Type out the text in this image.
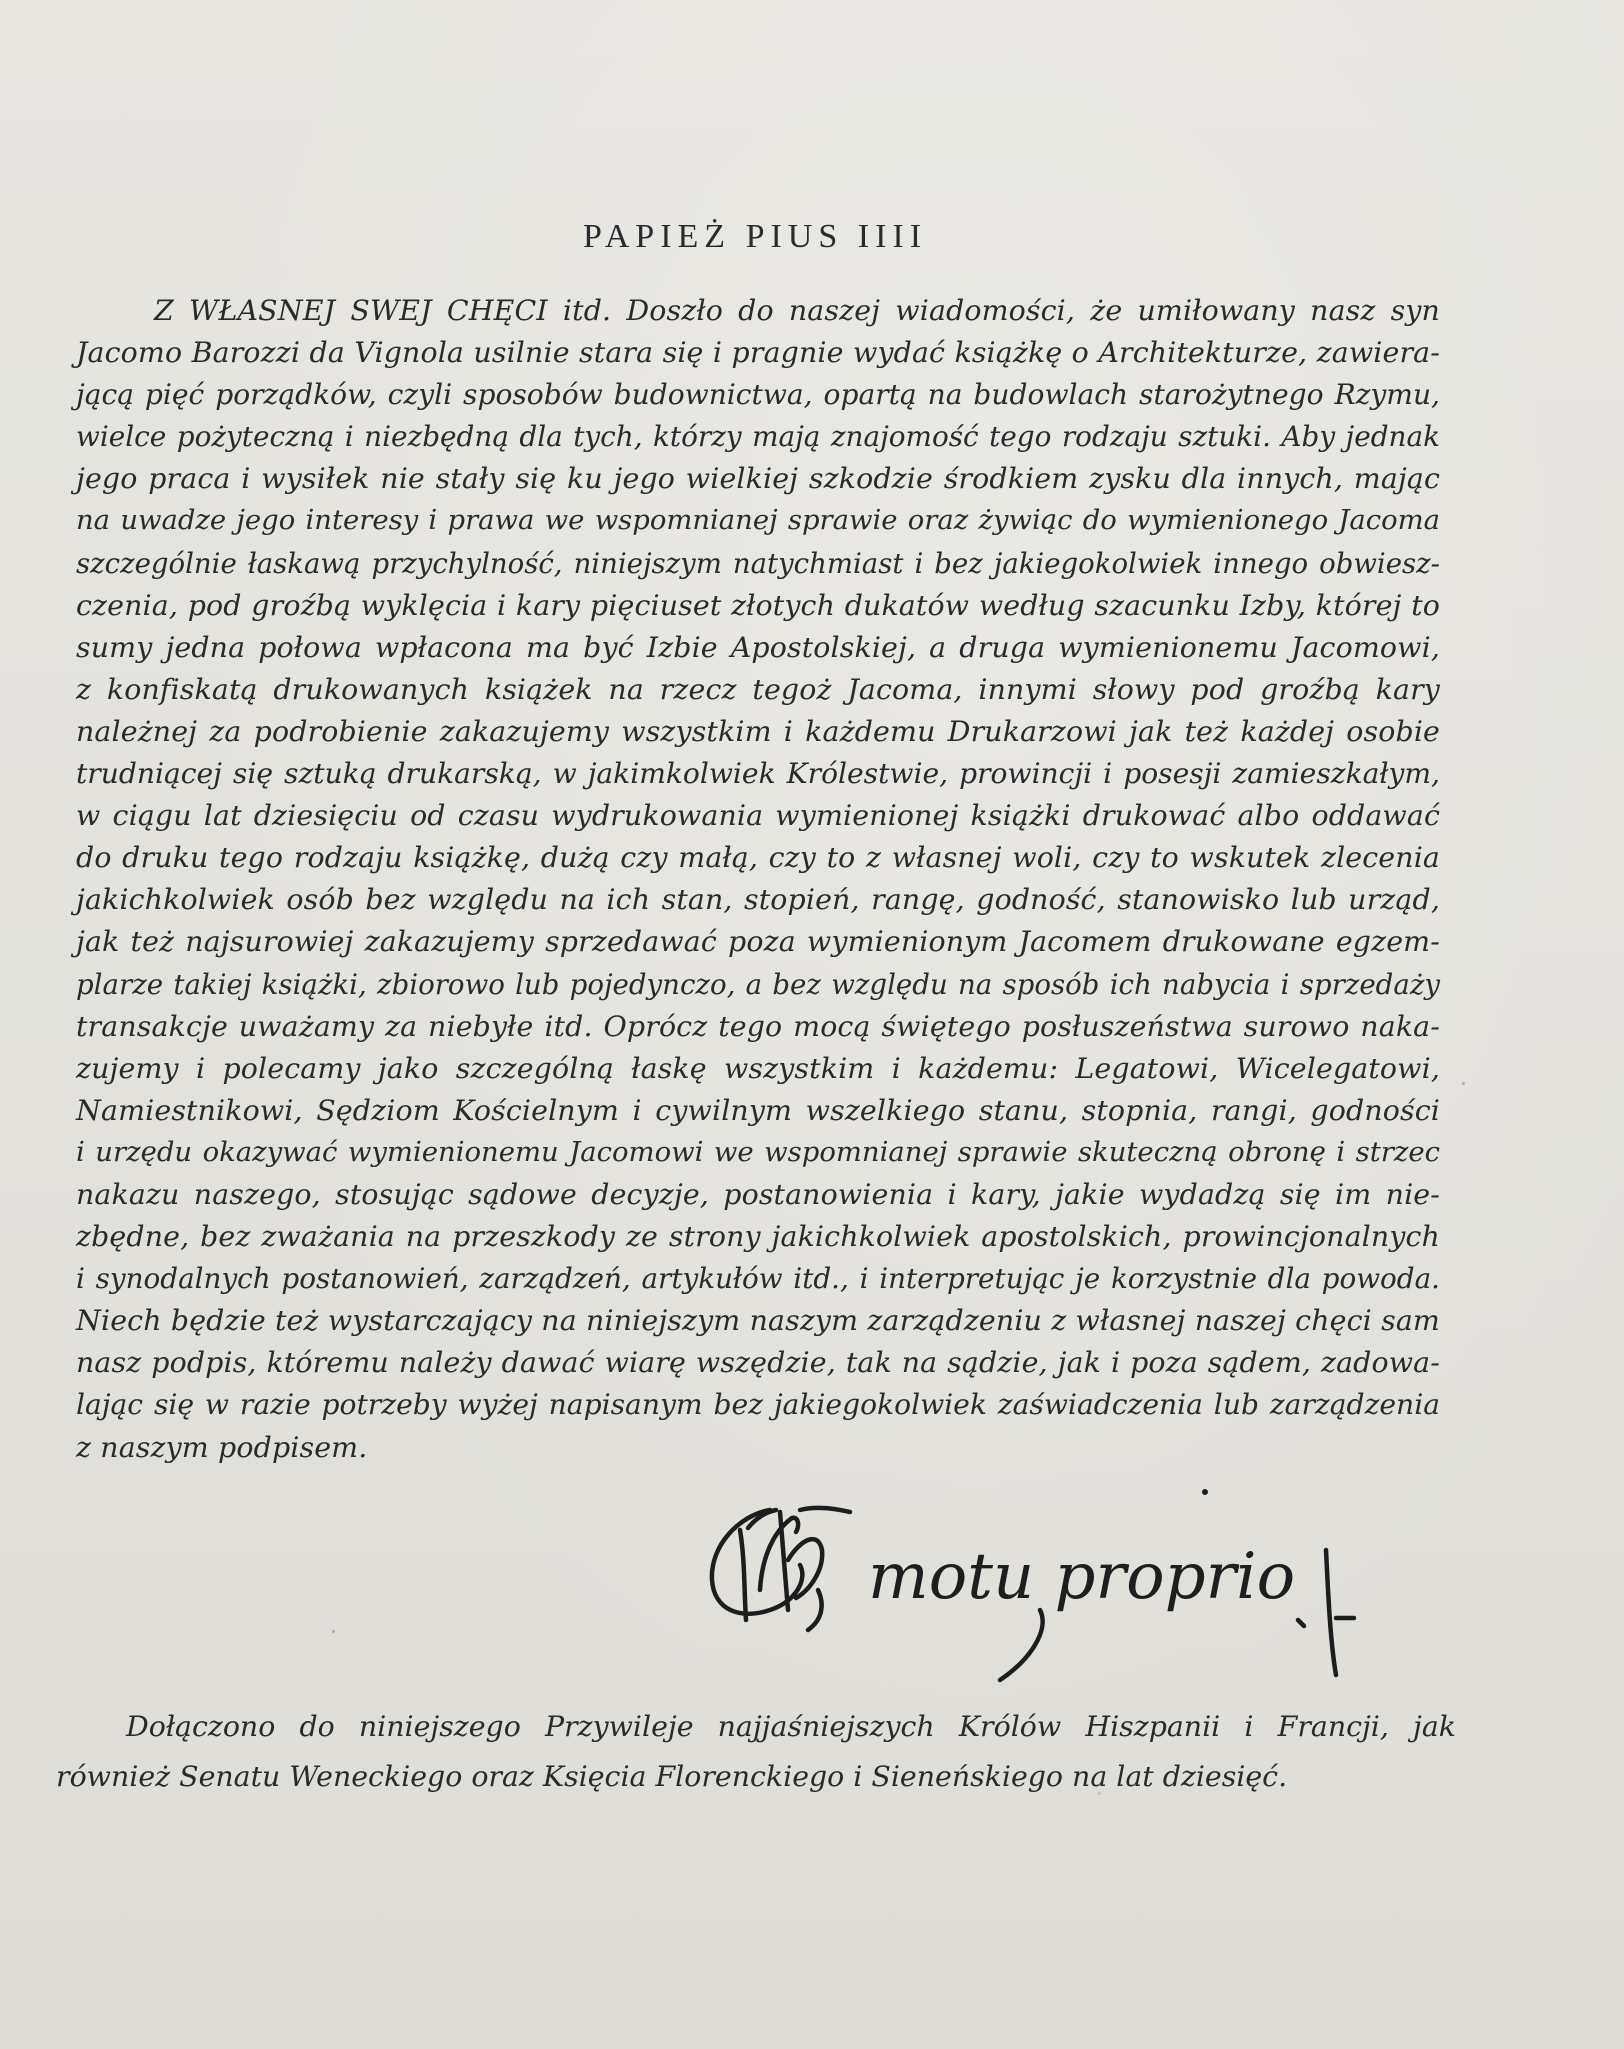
PAPIEŻ PIUS IIII
Z WŁASNEJ SWEJ CHĘCI itd. Doszło do naszej wiadomości, że umiłowany nasz syn
Jacomo Barozzi da Vignola usilnie stara się i pragnie wydać książkę o Architekturze, zawiera-
jącą pięć porządków, czyli sposobów budownictwa, opartą na budowlach starożytnego Rzymu,
wielce pożyteczną i niezbędną dla tych, którzy mają znajomość tego rodzaju sztuki. Aby jednak
jego praca i wysiłek nie stały się ku jego wielkiej szkodzie środkiem zysku dla innych, mając
na uwadze jego interesy i prawa we wspomnianej sprawie oraz żywiąc do wymienionego Jacoma
szczególnie łaskawą przychylność, niniejszym natychmiast i bez jakiegokolwiek innego obwiesz-
czenia, pod groźbą wyklęcia i kary pięciuset złotych dukatów według szacunku Izby, której to
sumy jedna połowa wpłacona ma być Izbie Apostolskiej, a druga wymienionemu Jacomowi,
z konfiskatą drukowanych książek na rzecz tegoż Jacoma, innymi słowy pod groźbą kary
należnej za podrobienie zakazujemy wszystkim i każdemu Drukarzowi jak też każdej osobie
trudniącej się sztuką drukarską, w jakimkolwiek Królestwie, prowincji i posesji zamieszkałym,
w ciągu lat dziesięciu od czasu wydrukowania wymienionej książki drukować albo oddawać
do druku tego rodzaju książkę, dużą czy małą, czy to z własnej woli, czy to wskutek zlecenia
jakichkolwiek osób bez względu na ich stan, stopień, rangę, godność, stanowisko lub urząd,
jak też najsurowiej zakazujemy sprzedawać poza wymienionym Jacomem drukowane egzem-
plarze takiej książki, zbiorowo lub pojedynczo, a bez względu na sposób ich nabycia i sprzedaży
transakcje uważamy za niebyłe itd. Oprócz tego mocą świętego posłuszeństwa surowo naka-
zujemy i polecamy jako szczególną łaskę wszystkim i każdemu: Legatowi, Wicelegatowi,
Namiestnikowi, Sędziom Kościelnym i cywilnym wszelkiego stanu, stopnia, rangi, godności
i urzędu okazywać wymienionemu Jacomowi we wspomnianej sprawie skuteczną obronę i strzec
nakazu naszego, stosując sądowe decyzje, postanowienia i kary, jakie wydadzą się im nie-
zbędne, bez zważania na przeszkody ze strony jakichkolwiek apostolskich, prowincjonalnych
i synodalnych postanowień, zarządzeń, artykułów itd., i interpretując je korzystnie dla powoda.
Niech będzie też wystarczający na niniejszym naszym zarządzeniu z własnej naszej chęci sam
nasz podpis, któremu należy dawać wiarę wszędzie, tak na sądzie, jak i poza sądem, zadowa-
lając się w razie potrzeby wyżej napisanym bez jakiegokolwiek zaświadczenia lub zarządzenia
z naszym podpisem.
motu proprio
Dołączono do niniejszego Przywileje najjaśniejszych Królów Hiszpanii i Francji, jak
również Senatu Weneckiego oraz Księcia Florenckiego i Sieneńskiego na lat dziesięć.
